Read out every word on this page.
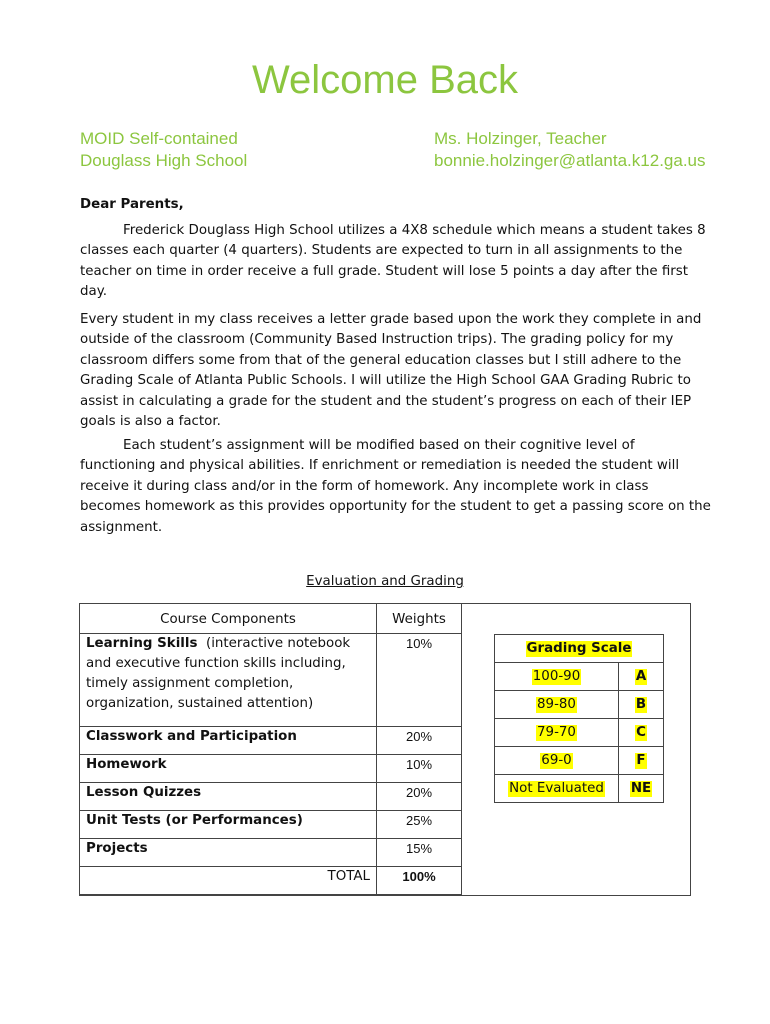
Welcome Back
MOID Self-contained
Douglass High School
Ms. Holzinger, Teacher
bonnie.holzinger@atlanta.k12.ga.us
Dear Parents,

Frederick Douglass High School utilizes a 4X8 schedule which means a student takes 8 classes each quarter (4 quarters). Students are expected to turn in all assignments to the teacher on time in order receive a full grade. Student will lose 5 points a day after the first day.

Every student in my class receives a letter grade based upon the work they complete in and outside of the classroom (Community Based Instruction trips). The grading policy for my classroom differs some from that of the general education classes but I still adhere to the Grading Scale of Atlanta Public Schools. I will utilize the High School GAA Grading Rubric to assist in calculating a grade for the student and the student’s progress on each of their IEP goals is also a factor.

Each student’s assignment will be modified based on their cognitive level of functioning and physical abilities. If enrichment or remediation is needed the student will receive it during class and/or in the form of homework. Any incomplete work in class becomes homework as this provides opportunity for the student to get a passing score on the assignment.

Evaluation and Grading
Course Components	Weights
Learning Skills (interactive notebook and executive function skills including, timely assignment completion, organization, sustained attention)	10%
Classwork and Participation	20%
Homework	10%
Lesson Quizzes	20%
Unit Tests (or Performances)	25%
Projects	15%
TOTAL	100%
Grading Scale	
100-90	A
89-80	B
79-70	C
69-0	F
Not Evaluated	NE
